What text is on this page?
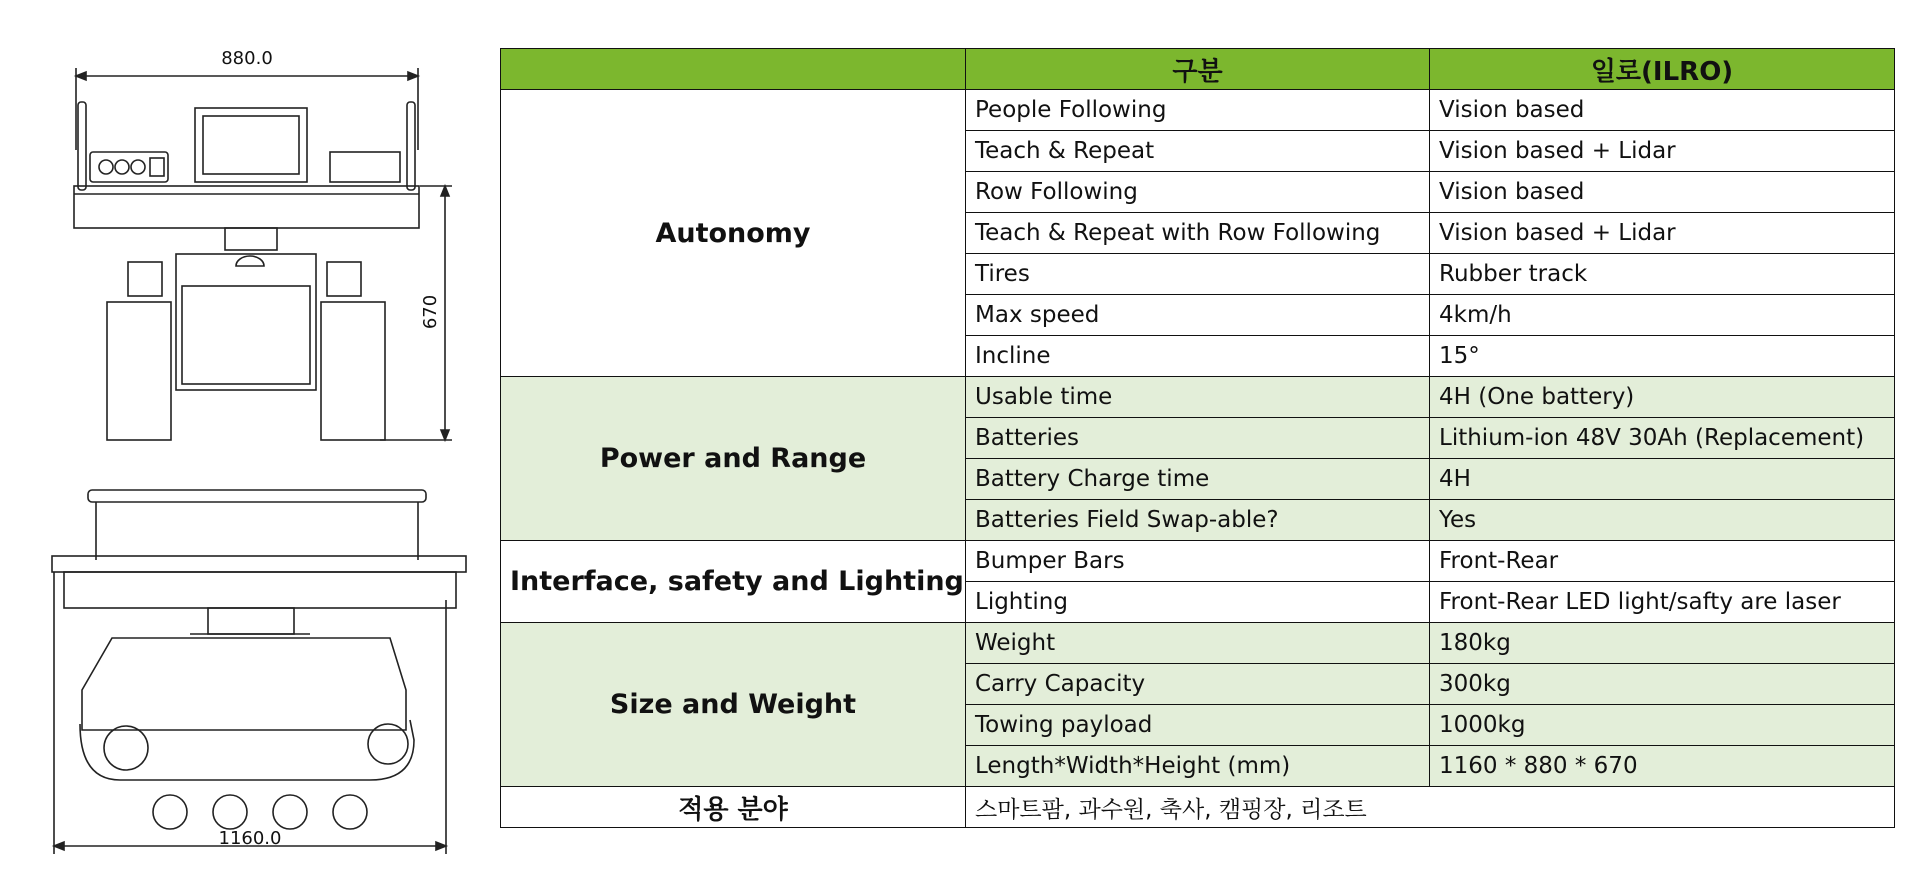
880.0
670
1160.0
	구분	일로(ILRO)
Autonomy	People Following	Vision based
	Teach & Repeat	Vision based + Lidar
	Row Following	Vision based
	Teach & Repeat with Row Following	Vision based + Lidar
	Tires	Rubber track
	Max speed	4km/h
	Incline	15°
Power and Range	Usable time	4H (One battery)
	Batteries	Lithium-ion 48V 30Ah (Replacement)
	Battery Charge time	4H
	Batteries Field Swap-able?	Yes
Interface, safety and Lighting	Bumper Bars	Front-Rear
	Lighting	Front-Rear LED light/safty are laser
Size and Weight	Weight	180kg
	Carry Capacity	300kg
	Towing payload	1000kg
	Length*Width*Height (mm)	1160 * 880 * 670
적용 분야	스마트팜, 과수원, 축사, 캠핑장, 리조트	
